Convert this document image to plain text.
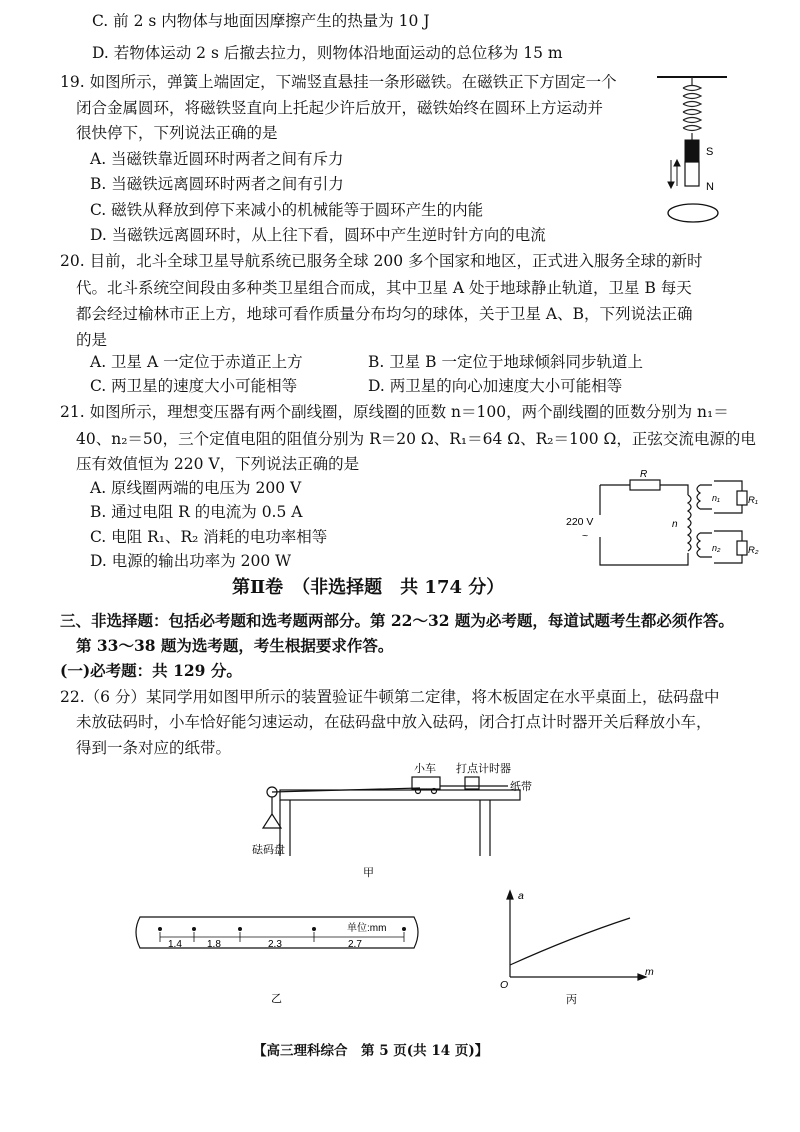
C. 前 2 s 内物体与地面因摩擦产生的热量为 10 J
D. 若物体运动 2 s 后撤去拉力，则物体沿地面运动的总位移为 15 m
19. 如图所示，弹簧上端固定，下端竖直悬挂一条形磁铁。在磁铁正下方固定一个
闭合金属圆环，将磁铁竖直向上托起少许后放开，磁铁始终在圆环上方运动并
很快停下，下列说法正确的是
A. 当磁铁靠近圆环时两者之间有斥力
B. 当磁铁远离圆环时两者之间有引力
C. 磁铁从释放到停下来减小的机械能等于圆环产生的内能
D. 当磁铁远离圆环时，从上往下看，圆环中产生逆时针方向的电流
S
N
20. 目前，北斗全球卫星导航系统已服务全球 200 多个国家和地区，正式进入服务全球的新时
代。北斗系统空间段由多种类卫星组合而成，其中卫星 A 处于地球静止轨道，卫星 B 每天
都会经过榆林市正上方，地球可看作质量分布均匀的球体，关于卫星 A、B，下列说法正确
的是
A. 卫星 A 一定位于赤道正上方	B. 卫星 B 一定位于地球倾斜同步轨道上
C. 两卫星的速度大小可能相等	D. 两卫星的向心加速度大小可能相等
21. 如图所示，理想变压器有两个副线圈，原线圈的匝数 n＝100，两个副线圈的匝数分别为 n₁＝
40、n₂＝50，三个定值电阻的阻值分别为 R＝20 Ω、R₁＝64 Ω、R₂＝100 Ω，正弦交流电源的电
压有效值恒为 220 V，下列说法正确的是
A. 原线圈两端的电压为 200 V
B. 通过电阻 R 的电流为 0.5 A
C. 电阻 R₁、R₂ 消耗的电功率相等
D. 电源的输出功率为 200 W
R
220 V
~
n
n₁
n₂
R₁
R₂
第Ⅱ卷　（非选择题　共 174 分）
三、非选择题：包括必考题和选考题两部分。第 22～32 题为必考题，每道试题考生都必须作答。
第 33～38 题为选考题，考生根据要求作答。
(一)必考题：共 129 分。
22.（6 分）某同学用如图甲所示的装置验证牛顿第二定律，将木板固定在水平桌面上，砝码盘中
未放砝码时，小车恰好能匀速运动，在砝码盘中放入砝码，闭合打点计时器开关后释放小车，
得到一条对应的纸带。
小车 打点计时器
纸带
砝码盘
甲
单位:mm
1.4	1.8	2.3	2.7
乙
a
m
O
丙
【高三理科综合　第 5 页(共 14 页)】
